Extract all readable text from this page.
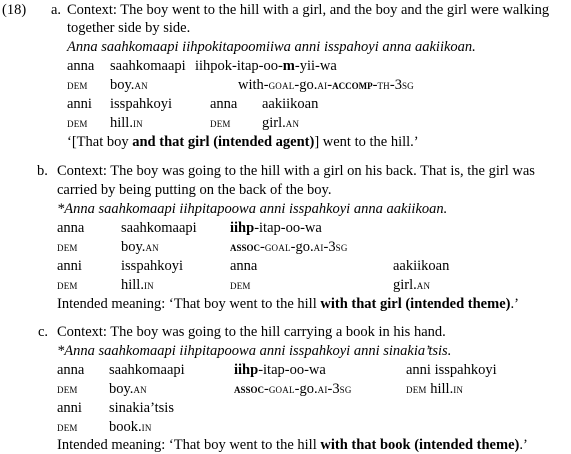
(18) a. Context: The boy went to the hill with a girl, and the boy and the girl were walking
together side by side.
Anna saahkomaapi iihpokitapoomiiwa anni isspahoyi anna aakiikoan.
anna saahkomaapi iihpok-itap-oo-m-yii-wa
dem boy.an	with-goal-go.ai-accomp-th-3sg
anni isspahkoyi	anna aakiikoan
dem hill.in	dem girl.an
‘[That boy and that girl (intended agent)] went to the hill.’
b. Context: The boy was going to the hill with a girl on his back. That is, the girl was
carried by being putting on the back of the boy.
*Anna saahkomaapi iihpitapoowa anni isspahkoyi anna aakiikoan.
anna	saahkomaapi iihp-itap-oo-wa
dem	boy.an	assoc-goal-go.ai-3sg
anni	isspahkoyi	anna	aakiikoan
dem	hill.in	dem	girl.an
Intended meaning: ‘That boy went to the hill with that girl (intended theme).’
c. Context: The boy was going to the hill carrying a book in his hand.
*Anna saahkomaapi iihpitapoowa anni isspahkoyi anni sinakia’tsis.
anna saahkomaapi	iihp-itap-oo-wa	anni isspahkoyi
dem boy.an	assoc-goal-go.ai-3sg	dem hill.in
anni sinakia’tsis
dem book.in
Intended meaning: ‘That boy went to the hill with that book (intended theme).’
